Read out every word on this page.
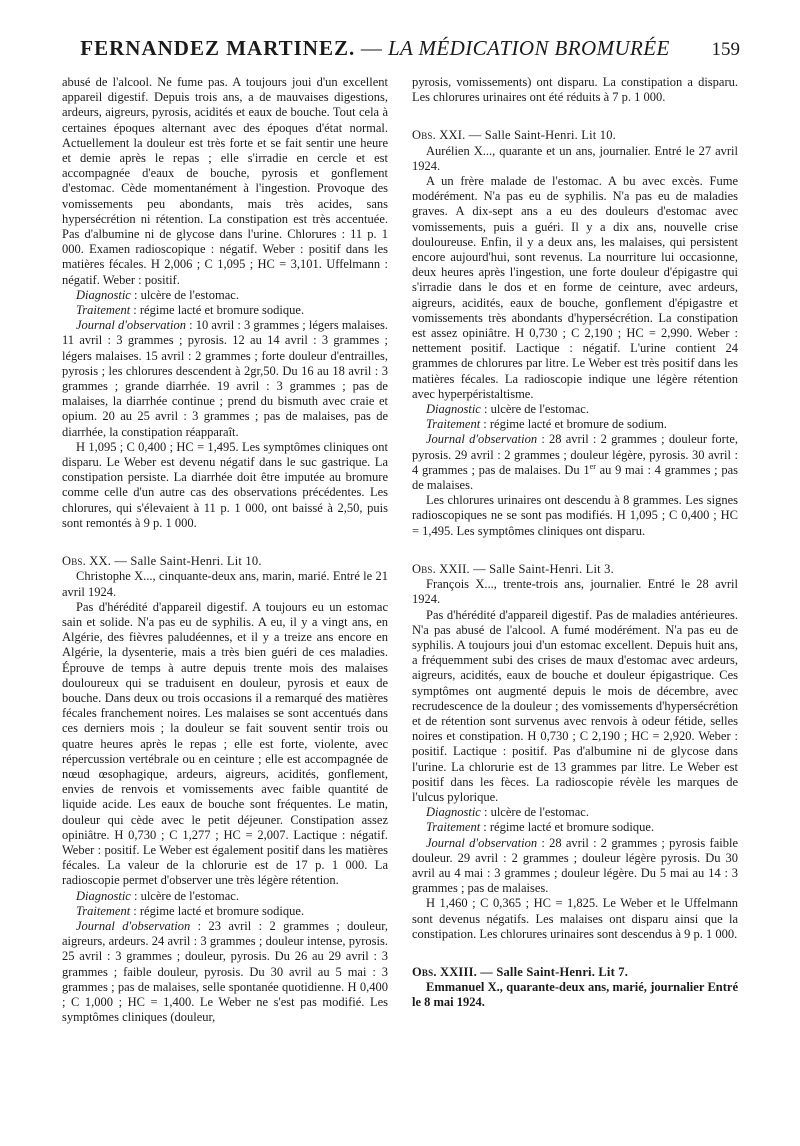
FERNANDEZ MARTINEZ. — LA MÉDICATION BROMURÉE	159

abusé de l'alcool. Ne fume pas. A toujours joui d'un excellent appareil digestif. Depuis trois ans, a de mauvaises digestions, ardeurs, aigreurs, pyrosis, acidités et eaux de bouche. Tout cela à certaines époques alternant avec des époques d'état normal. Actuellement la douleur est très forte et se fait sentir une heure et demie après le repas ; elle s'irradie en cercle et est accompagnée d'eaux de bouche, pyrosis et gonflement d'estomac. Cède momentanément à l'ingestion. Provoque des vomissements peu abondants, mais très acides, sans hypersécrétion ni rétention. La constipation est très accentuée. Pas d'albumine ni de glycose dans l'urine. Chlorures : 11 p. 1 000. Examen radioscopique : négatif. Weber : positif dans les matières fécales. H 2,006 ; C 1,095 ; HC = 3,101. Uffelmann : négatif. Weber : positif.

Diagnostic : ulcère de l'estomac.

Traitement : régime lacté et bromure sodique.

Journal d'observation : 10 avril : 3 grammes ; légers malaises. 11 avril : 3 grammes ; pyrosis. 12 au 14 avril : 3 grammes ; légers malaises. 15 avril : 2 grammes ; forte douleur d'entrailles, pyrosis ; les chlorures descendent à 2gr,50. Du 16 au 18 avril : 3 grammes ; grande diarrhée. 19 avril : 3 grammes ; pas de malaises, la diarrhée continue ; prend du bismuth avec craie et opium. 20 au 25 avril : 3 grammes ; pas de malaises, pas de diarrhée, la constipation réapparaît.

H 1,095 ; C 0,400 ; HC = 1,495. Les symptômes cliniques ont disparu. Le Weber est devenu négatif dans le suc gastrique. La constipation persiste. La diarrhée doit être imputée au bromure comme celle d'un autre cas des observations précédentes. Les chlorures, qui s'élevaient à 11 p. 1 000, ont baissé à 2,50, puis sont remontés à 9 p. 1 000.

Obs. XX. — Salle Saint-Henri. Lit 10.

Christophe X..., cinquante-deux ans, marin, marié. Entré le 21 avril 1924.

Pas d'hérédité d'appareil digestif. A toujours eu un estomac sain et solide. N'a pas eu de syphilis. A eu, il y a vingt ans, en Algérie, des fièvres paludéennes, et il y a treize ans encore en Algérie, la dysenterie, mais a très bien guéri de ces maladies. Éprouve de temps à autre depuis trente mois des malaises douloureux qui se traduisent en douleur, pyrosis et eaux de bouche. Dans deux ou trois occasions il a remarqué des matières fécales franchement noires. Les malaises se sont accentués dans ces derniers mois ; la douleur se fait souvent sentir trois ou quatre heures après le repas ; elle est forte, violente, avec répercussion vertébrale ou en ceinture ; elle est accompagnée de nœud œsophagique, ardeurs, aigreurs, acidités, gonflement, envies de renvois et vomissements avec faible quantité de liquide acide. Les eaux de bouche sont fréquentes. Le matin, douleur qui cède avec le petit déjeuner. Constipation assez opiniâtre. H 0,730 ; C 1,277 ; HC = 2,007. Lactique : négatif. Weber : positif. Le Weber est également positif dans les matières fécales. La valeur de la chlorurie est de 17 p. 1 000. La radioscopie permet d'observer une très légère rétention.

Diagnostic : ulcère de l'estomac.

Traitement : régime lacté et bromure sodique.

Journal d'observation : 23 avril : 2 grammes ; douleur, aigreurs, ardeurs. 24 avril : 3 grammes ; douleur intense, pyrosis. 25 avril : 3 grammes ; douleur, pyrosis. Du 26 au 29 avril : 3 grammes ; faible douleur, pyrosis. Du 30 avril au 5 mai : 3 grammes ; pas de malaises, selle spontanée quotidienne. H 0,400 ; C 1,000 ; HC = 1,400. Le Weber ne s'est pas modifié. Les symptômes cliniques (douleur,

pyrosis, vomissements) ont disparu. La constipation a disparu. Les chlorures urinaires ont été réduits à 7 p. 1 000.

Obs. XXI. — Salle Saint-Henri. Lit 10.

Aurélien X..., quarante et un ans, journalier. Entré le 27 avril 1924.

A un frère malade de l'estomac. A bu avec excès. Fume modérément. N'a pas eu de syphilis. N'a pas eu de maladies graves. A dix-sept ans a eu des douleurs d'estomac avec vomissements, puis a guéri. Il y a dix ans, nouvelle crise douloureuse. Enfin, il y a deux ans, les malaises, qui persistent encore aujourd'hui, sont revenus. La nourriture lui occasionne, deux heures après l'ingestion, une forte douleur d'épigastre qui s'irradie dans le dos et en forme de ceinture, avec ardeurs, aigreurs, acidités, eaux de bouche, gonflement d'épigastre et vomissements très abondants d'hypersécrétion. La constipation est assez opiniâtre. H 0,730 ; C 2,190 ; HC = 2,990. Weber : nettement positif. Lactique : négatif. L'urine contient 24 grammes de chlorures par litre. Le Weber est très positif dans les matières fécales. La radioscopie indique une légère rétention avec hyperpéristaltisme.

Diagnostic : ulcère de l'estomac.

Traitement : régime lacté et bromure de sodium.

Journal d'observation : 28 avril : 2 grammes ; douleur forte, pyrosis. 29 avril : 2 grammes ; douleur légère, pyrosis. 30 avril : 4 grammes ; pas de malaises. Du 1er au 9 mai : 4 grammes ; pas de malaises.

Les chlorures urinaires ont descendu à 8 grammes. Les signes radioscopiques ne se sont pas modifiés. H 1,095 ; C 0,400 ; HC = 1,495. Les symptômes cliniques ont disparu.

Obs. XXII. — Salle Saint-Henri. Lit 3.

François X..., trente-trois ans, journalier. Entré le 28 avril 1924.

Pas d'hérédité d'appareil digestif. Pas de maladies antérieures. N'a pas abusé de l'alcool. A fumé modérément. N'a pas eu de syphilis. A toujours joui d'un estomac excellent. Depuis huit ans, a fréquemment subi des crises de maux d'estomac avec ardeurs, aigreurs, acidités, eaux de bouche et douleur épigastrique. Ces symptômes ont augmenté depuis le mois de décembre, avec recrudescence de la douleur ; des vomissements d'hypersécrétion et de rétention sont survenus avec renvois à odeur fétide, selles noires et constipation. H 0,730 ; C 2,190 ; HC = 2,920. Weber : positif. Lactique : positif. Pas d'albumine ni de glycose dans l'urine. La chlorurie est de 13 grammes par litre. Le Weber est positif dans les fèces. La radioscopie révèle les marques de l'ulcus pylorique.

Diagnostic : ulcère de l'estomac.

Traitement : régime lacté et bromure sodique.

Journal d'observation : 28 avril : 2 grammes ; pyrosis faible douleur. 29 avril : 2 grammes ; douleur légère pyrosis. Du 30 avril au 4 mai : 3 grammes ; douleur légère. Du 5 mai au 14 : 3 grammes ; pas de malaises.

H 1,460 ; C 0,365 ; HC = 1,825. Le Weber et le Uffelmann sont devenus négatifs. Les malaises ont disparu ainsi que la constipation. Les chlorures urinaires sont descendus à 9 p. 1 000.

Obs. XXIII. — Salle Saint-Henri. Lit 7.

Emmanuel X., quarante-deux ans, marié, journalier Entré le 8 mai 1924.
